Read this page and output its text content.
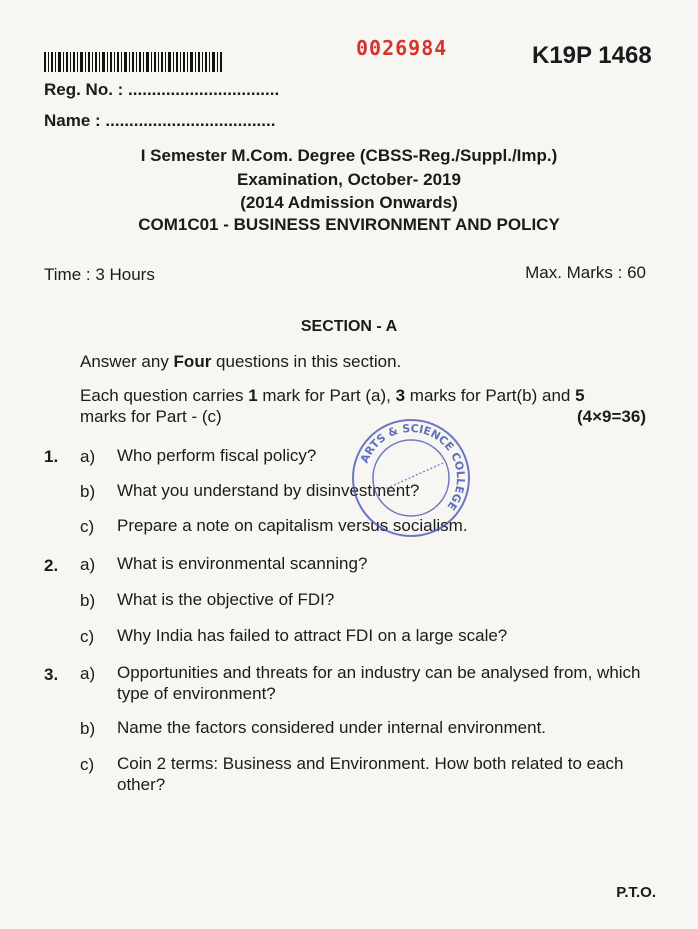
0026984	K19P 1468
Reg. No. : ................................
Name : ....................................
I Semester M.Com. Degree (CBSS-Reg./Suppl./Imp.)
Examination, October- 2019
(2014 Admission Onwards)
COM1C01 - BUSINESS ENVIRONMENT AND POLICY
Time : 3 Hours	Max. Marks : 60
SECTION - A
Answer any Four questions in this section.
Each question carries 1 mark for Part (a), 3 marks for Part(b) and 5
marks for Part - (c)	(4×9=36)
1. a) Who perform fiscal policy?
b) What you understand by disinvestment?
c) Prepare a note on capitalism versus socialism.
2. a) What is environmental scanning?
b) What is the objective of FDI?
c) Why India has failed to attract FDI on a large scale?
3. a) Opportunities and threats for an industry can be analysed from, which type of environment?
b) Name the factors considered under internal environment.
c) Coin 2 terms: Business and Environment. How both related to each other?
ARTS & SCIENCE COLLEGE
P.T.O.
